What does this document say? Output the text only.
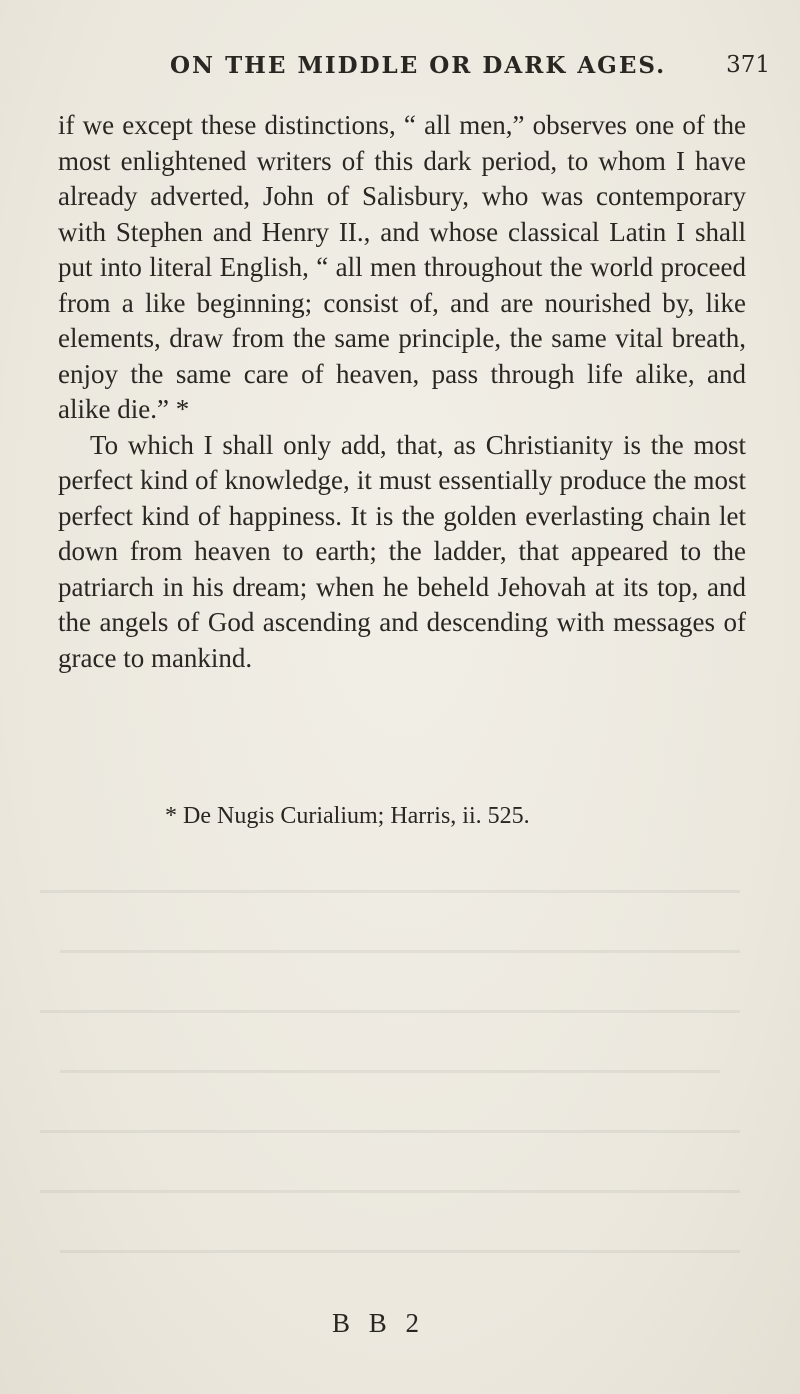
ON THE MIDDLE OR DARK AGES.	371

if we except these distinctions, “ all men,” observes one of the most enlightened writers of this dark period, to whom I have already adverted, John of Salisbury, who was contemporary with Stephen and Henry II., and whose classical Latin I shall put into literal English, “ all men throughout the world proceed from a like beginning; consist of, and are nourished by, like elements, draw from the same principle, the same vital breath, enjoy the same care of heaven, pass through life alike, and alike die.” *

To which I shall only add, that, as Christianity is the most perfect kind of knowledge, it must essentially produce the most perfect kind of happiness. It is the golden everlasting chain let down from heaven to earth; the ladder, that appeared to the patriarch in his dream; when he beheld Jehovah at its top, and the angels of God ascending and descending with messages of grace to mankind.

* De Nugis Curialium; Harris, ii. 525.

B B 2
